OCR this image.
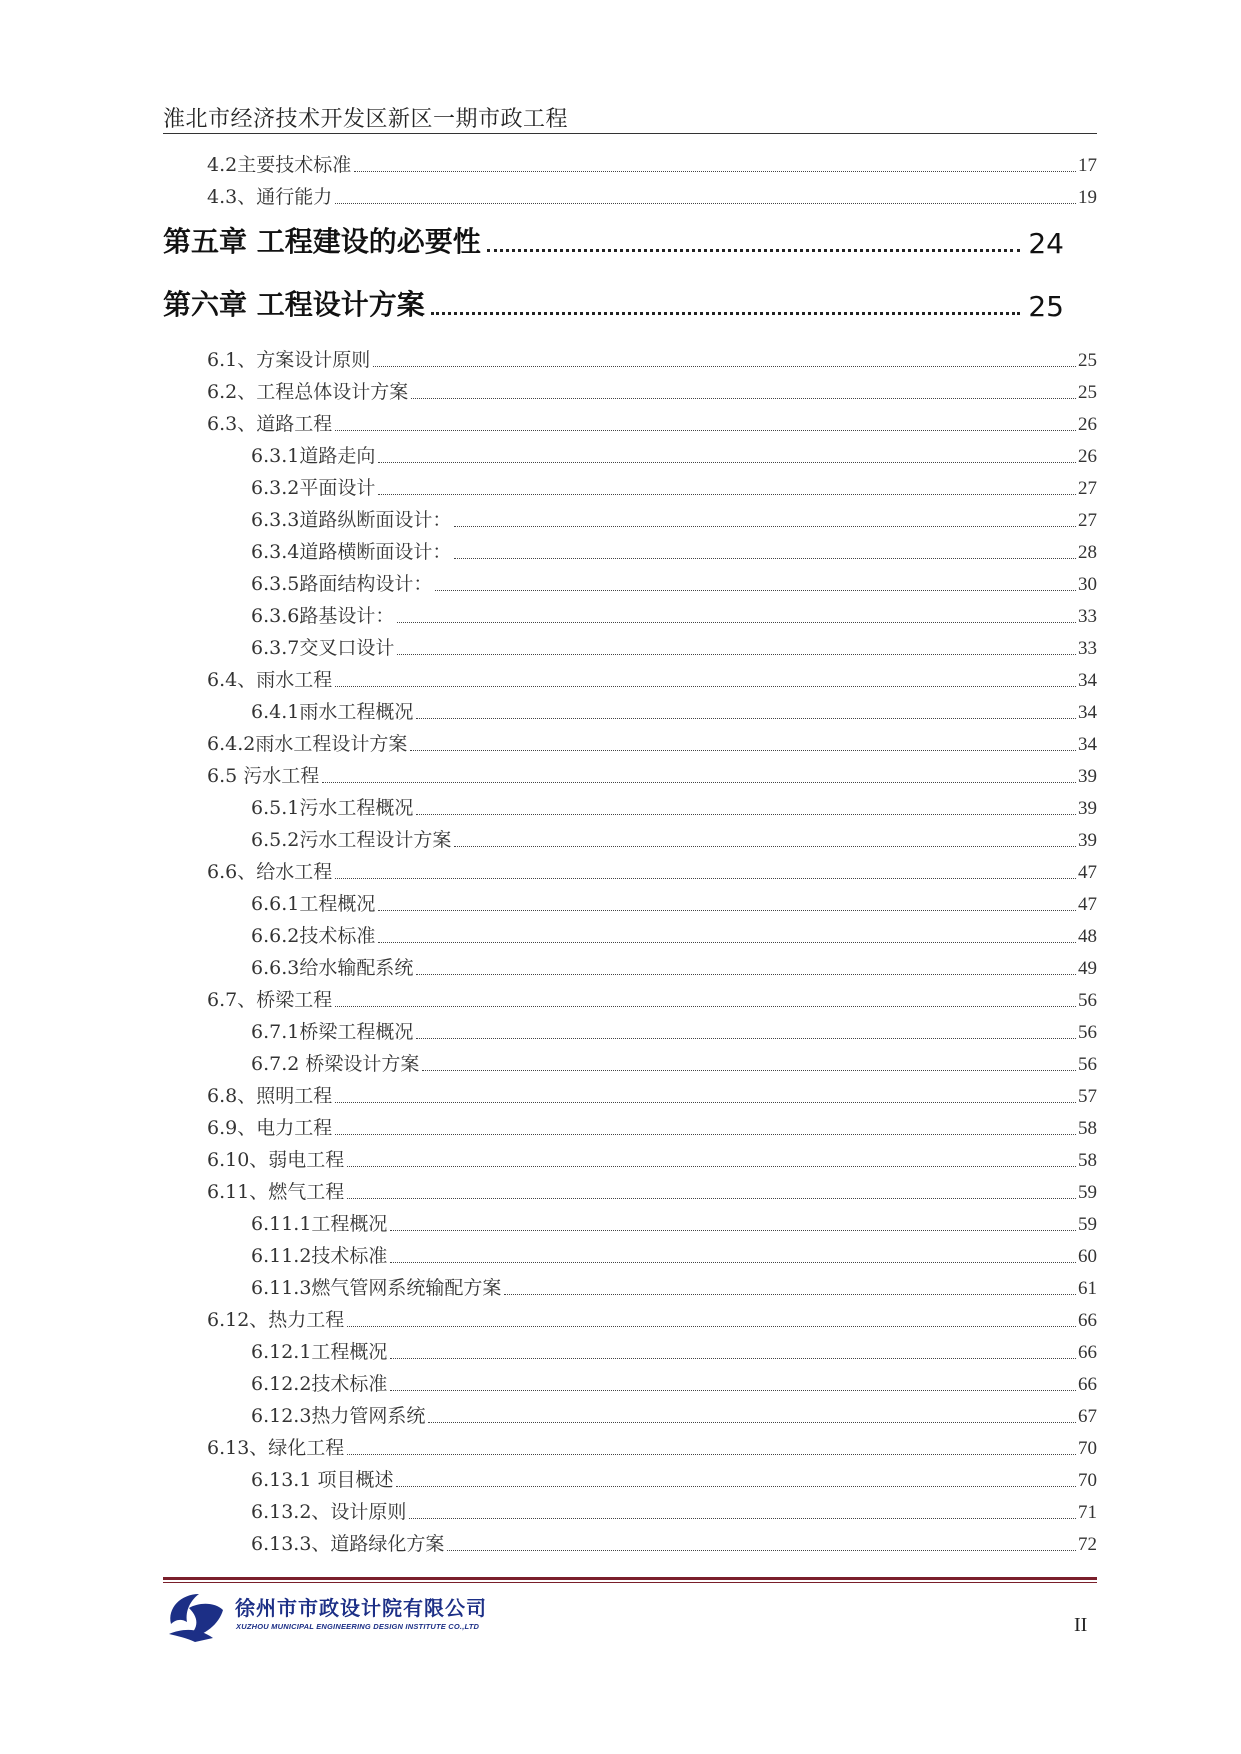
淮北市经济技术开发区新区一期市政工程
4.2主要技术标准	17
4.3、通行能力	19
第五章 工程建设的必要性	24
第六章 工程设计方案	25
6.1、方案设计原则	25
6.2、工程总体设计方案	25
6.3、道路工程	26
6.3.1道路走向	26
6.3.2平面设计	27
6.3.3道路纵断面设计：	27
6.3.4道路横断面设计：	28
6.3.5路面结构设计：	30
6.3.6路基设计：	33
6.3.7交叉口设计	33
6.4、雨水工程	34
6.4.1雨水工程概况	34
6.4.2雨水工程设计方案	34
6.5 污水工程	39
6.5.1污水工程概况	39
6.5.2污水工程设计方案	39
6.6、给水工程	47
6.6.1工程概况	47
6.6.2技术标准	48
6.6.3给水输配系统	49
6.7、桥梁工程	56
6.7.1桥梁工程概况	56
6.7.2 桥梁设计方案	56
6.8、照明工程	57
6.9、电力工程	58
6.10、弱电工程	58
6.11、燃气工程	59
6.11.1工程概况	59
6.11.2技术标准	60
6.11.3燃气管网系统输配方案	61
6.12、热力工程	66
6.12.1工程概况	66
6.12.2技术标准	66
6.12.3热力管网系统	67
6.13、绿化工程	70
6.13.1 项目概述	70
6.13.2、设计原则	71
6.13.3、道路绿化方案	72
徐州市市政设计院有限公司
XUZHOU MUNICIPAL ENGINEERING DESIGN INSTITUTE CO.,LTD	II
